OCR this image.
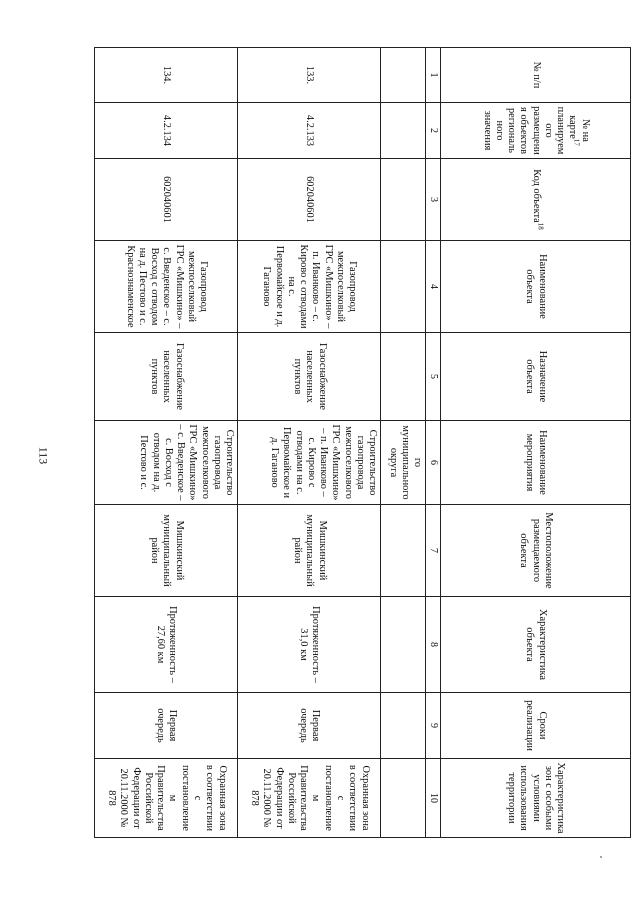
113
№ п/п	№ на карте$^{17}$ планируемого размещения объектов регионального значения	Код объекта$^{18}$	Наименование объекта	Назначение объекта	Наименование мероприятия	Местоположение размещаемого объекта	Характеристика объекта	Сроки реализации	Характеристика зон с особыми условиями использования территории
1	2	3	4	5	6	7	8	9	10
					го муниципального округа				
133.	4.2.133	602040601	Газопровод межпоселковый ГРС «Мишкино» – п. Иванково – с. Кирово с отводами на с. Первомайское и д. Гаганово	Газоснабжение населенных пунктов	Строительство газопровода межпоселкового ГРС «Мишкино» – п. Иванково – с. Кирово с отводами на с. Первомайское и д. Гаганово	Мишкинский муниципальный район	Протяженность – 31,0 км	Первая очередь	Охранная зона в соответствии с постановлением Правительства Российской Федерации от 20.11.2000 № 878
134.	4.2.134	602040601	Газопровод межпоселковый ГРС «Мишкино» – с. Введенское – с. Восход с отводом на д. Пестово и с. Краснознаменское	Газоснабжение населенных пунктов	Строительство газопровода межпоселкового ГРС «Мишкино» – с. Введенское – с. Восход с отводом на д. Пестово и с.	Мишкинский муниципальный район	Протяженность – 27,60 км	Первая очередь	Охранная зона в соответствии с постановлением Правительства Российской Федерации от 20.11.2000 № 878
